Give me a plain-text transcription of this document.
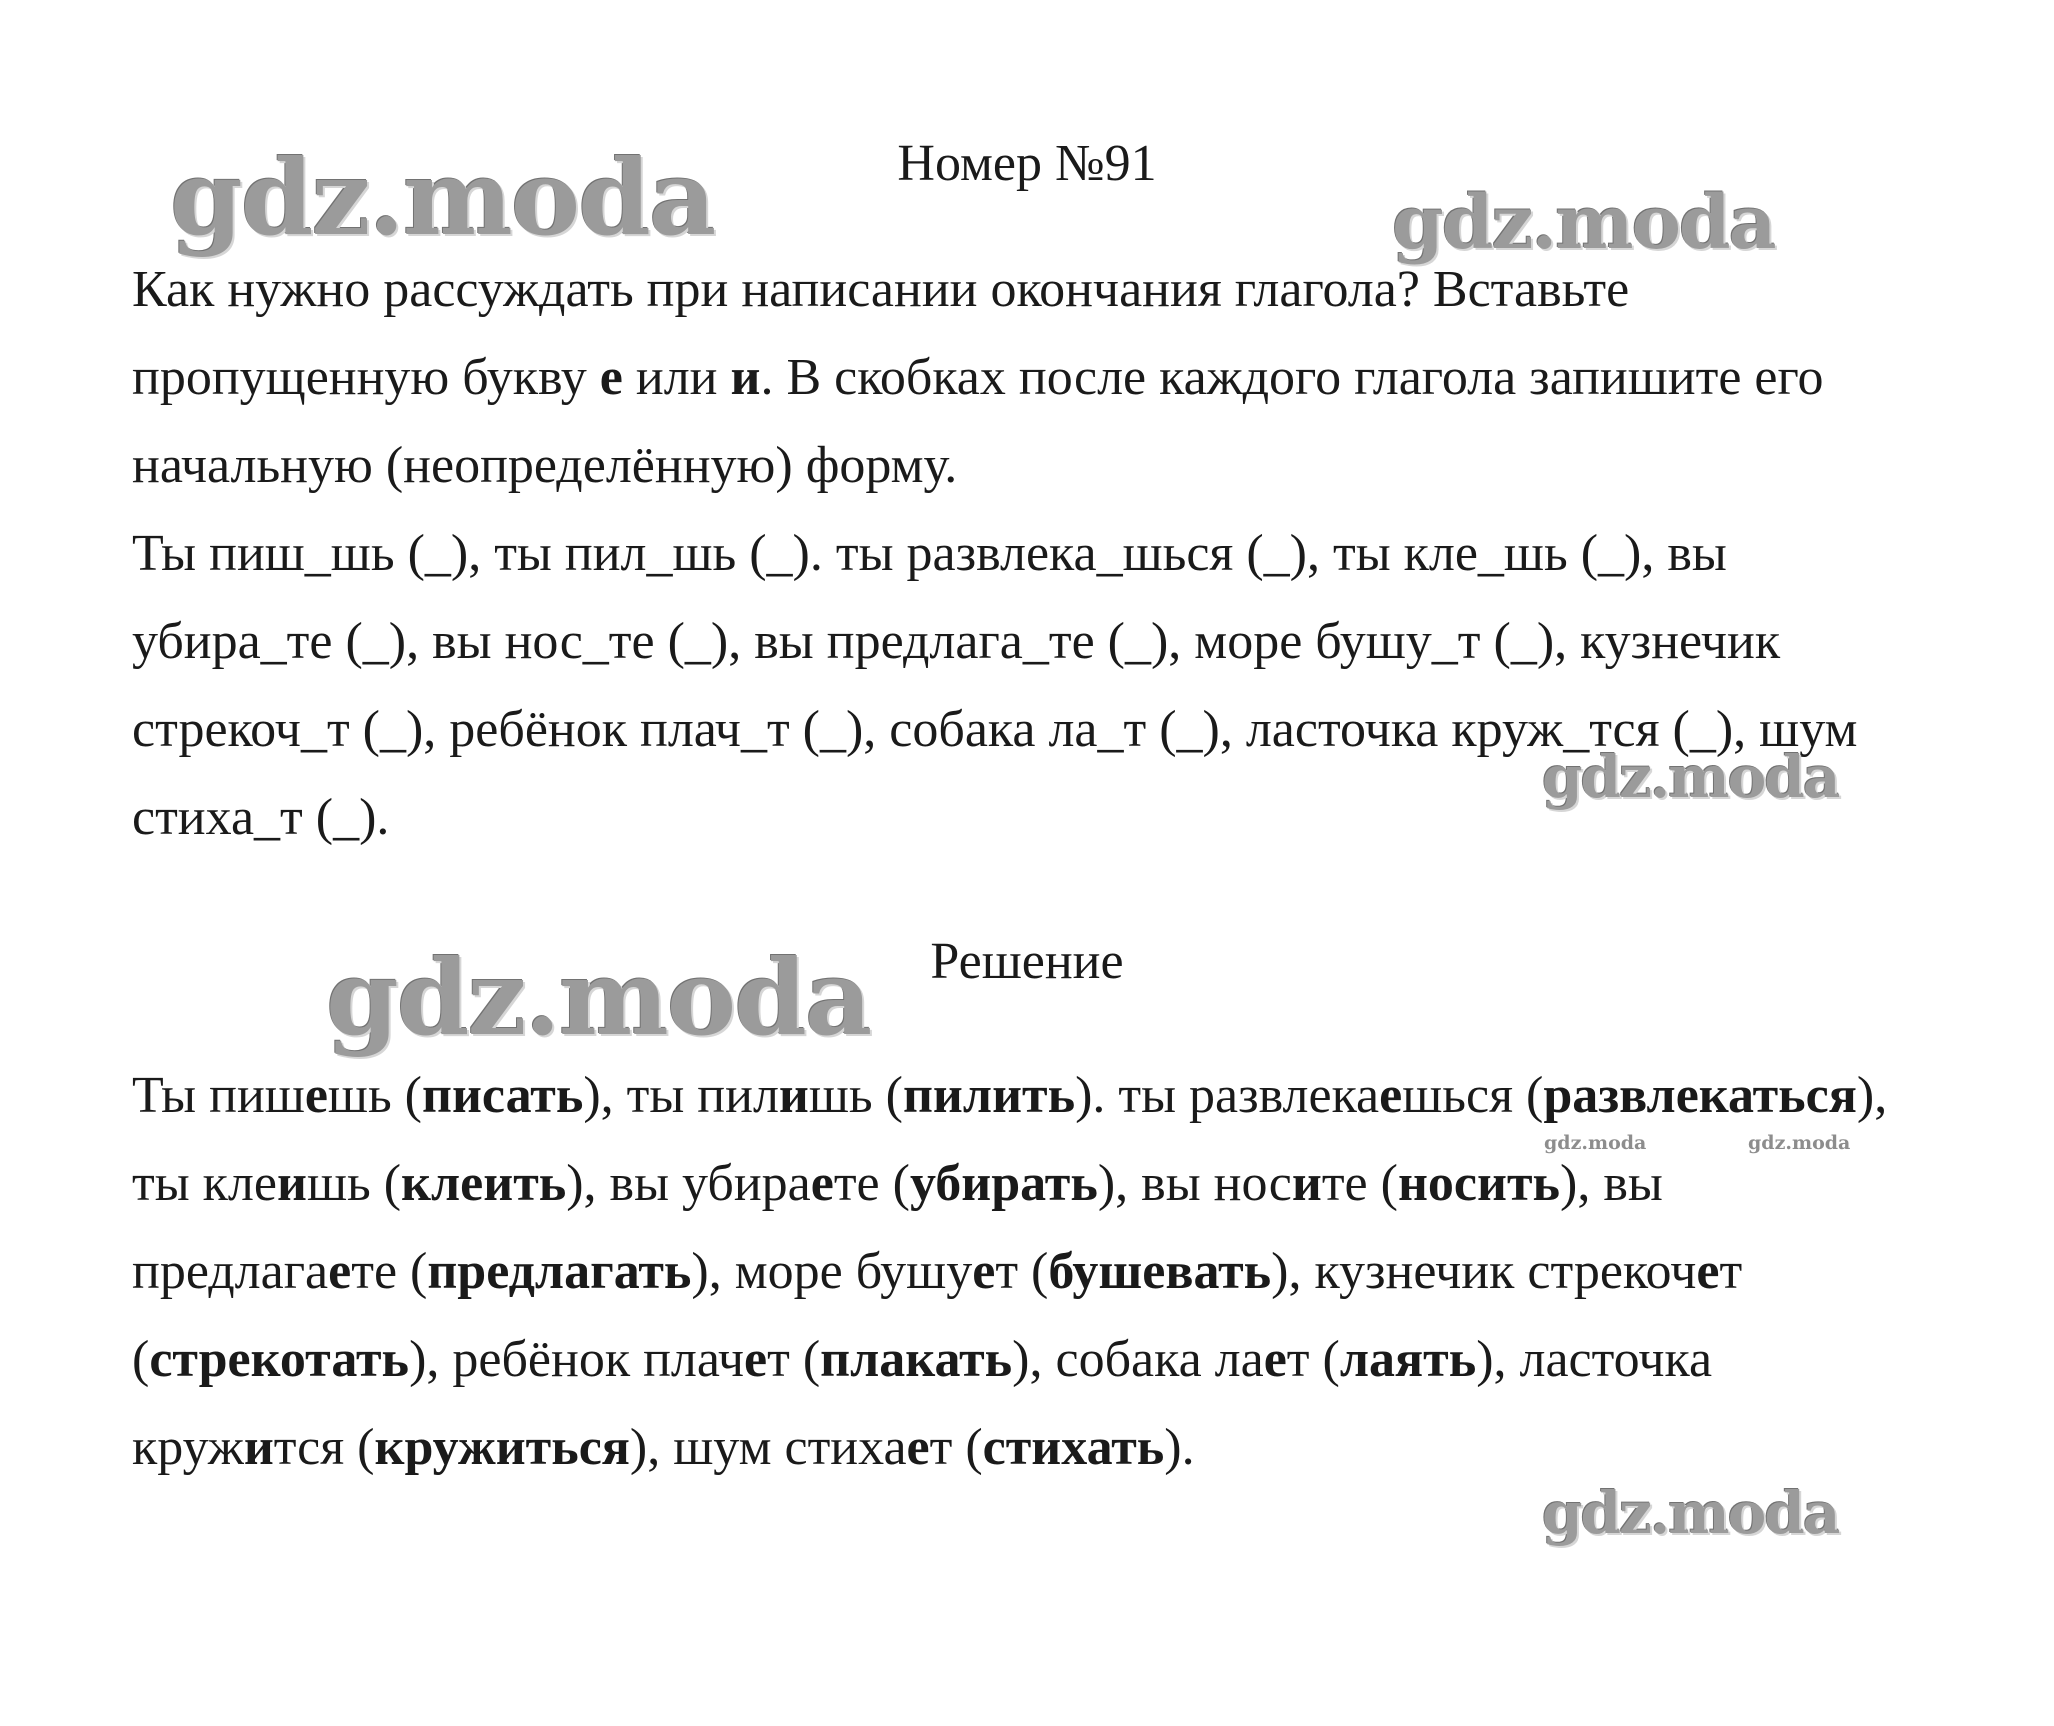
Номер №91

Как нужно рассуждать при написании окончания глагола? Вставьте пропущенную букву е или и. В скобках после каждого глагола запишите его начальную (неопределённую) форму.

Ты пиш_шь (_), ты пил_шь (_). ты развлека_шься (_), ты кле_шь (_), вы убира_те (_), вы нос_те (_), вы предлага_те (_), море бушу_т (_), кузнечик стрекоч_т (_), ребёнок плач_т (_), собака ла_т (_), ласточка круж_тся (_), шум стиха_т (_).

Решение

Ты пишешь (писать), ты пилишь (пилить). ты развлекаешься (развлекаться), ты клеишь (клеить), вы убираете (убирать), вы носите (носить), вы предлагаете (предлагать), море бушует (бушевать), кузнечик стрекочет (стрекотать), ребёнок плачет (плакать), собака лает (лаять), ласточка кружится (кружиться), шум стихает (стихать).

gdz.moda	gdz.moda
gdz.moda
gdz.moda
gdz.moda	gdz.moda
gdz.moda
